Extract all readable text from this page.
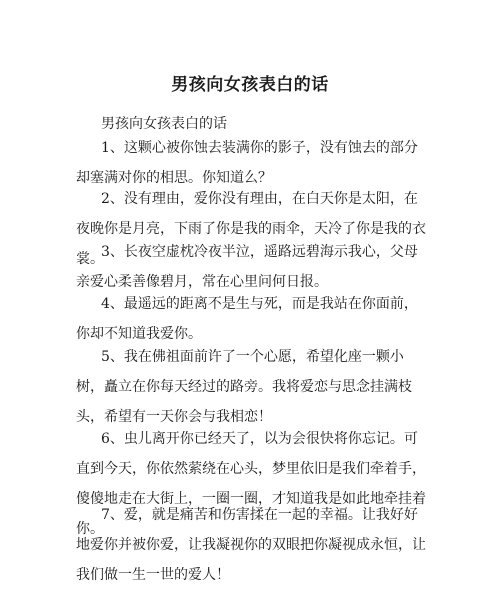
男孩向女孩表白的话
男孩向女孩表白的话
1、这颗心被你蚀去装满你的影子，没有蚀去的部分却塞满对你的相思。你知道么？
2、没有理由，爱你没有理由，在白天你是太阳，在夜晚你是月亮，下雨了你是我的雨伞，天冷了你是我的衣裳。
3、长夜空虚枕冷夜半泣，遥路远碧海示我心，父母亲爱心柔善像碧月，常在心里问何日报。
4、最遥远的距离不是生与死，而是我站在你面前，你却不知道我爱你。
5、我在佛祖面前许了一个心愿，希望化座一颗小树，矗立在你每天经过的路旁。我将爱恋与思念挂满枝头，希望有一天你会与我相恋！
6、虫儿离开你已经天了，以为会很快将你忘记。可直到今天，你依然萦绕在心头，梦里依旧是我们牵着手，傻傻地走在大街上，一圈一圈，才知道我是如此地牵挂着你。
7、爱，就是痛苦和伤害揉在一起的幸福。让我好好地爱你并被你爱，让我凝视你的双眼把你凝视成永恒，让我们做一生一世的爱人！
